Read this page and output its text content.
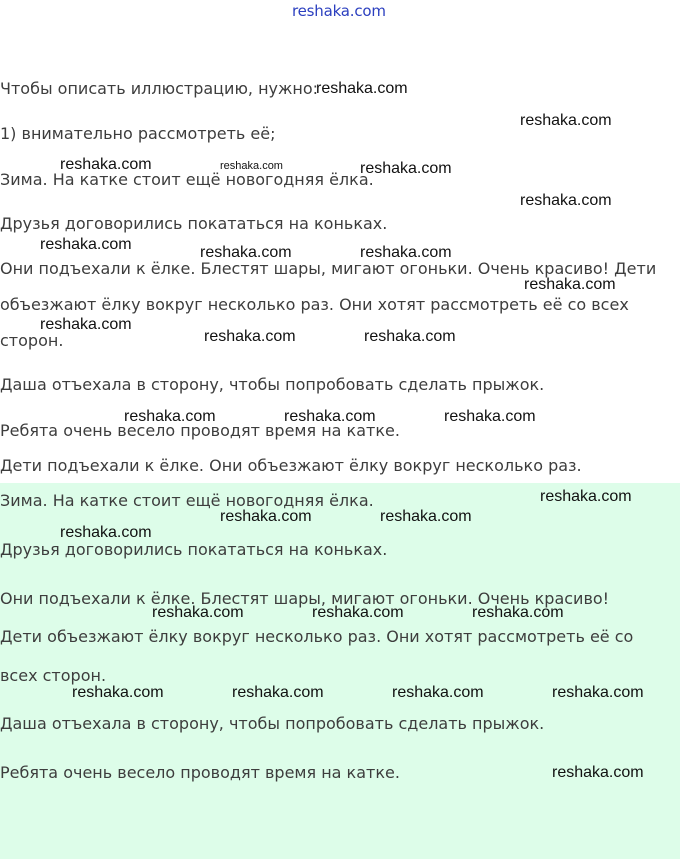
reshaka.com
Чтобы описать иллюстрацию, нужно:
1) внимательно рассмотреть её;
Зима. На катке стоит ещё новогодняя ёлка.
Друзья договорились покататься на коньках.
Они подъехали к ёлке. Блестят шары, мигают огоньки. Очень красиво! Дети
объезжают ёлку вокруг несколько раз. Они хотят рассмотреть её со всех
сторон.
Даша отъехала в сторону, чтобы попробовать сделать прыжок.
Ребята очень весело проводят время на катке.
Дети подъехали к ёлке. Они объезжают ёлку вокруг несколько раз.
Зима. На катке стоит ещё новогодняя ёлка.
Друзья договорились покататься на коньках.
Они подъехали к ёлке. Блестят шары, мигают огоньки. Очень красиво!
Дети объезжают ёлку вокруг несколько раз. Они хотят рассмотреть её со
всех сторон.
Даша отъехала в сторону, чтобы попробовать сделать прыжок.
Ребята очень весело проводят время на катке.
reshaka.com
reshaka.com
reshaka.com	reshaka.com	reshaka.com
reshaka.com
reshaka.com	reshaka.com	reshaka.com
reshaka.com
reshaka.com
reshaka.com	reshaka.com
reshaka.com	reshaka.com	reshaka.com
reshaka.com
reshaka.com	reshaka.com
reshaka.com
reshaka.com	reshaka.com	reshaka.com
reshaka.com	reshaka.com	reshaka.com	reshaka.com
reshaka.com
